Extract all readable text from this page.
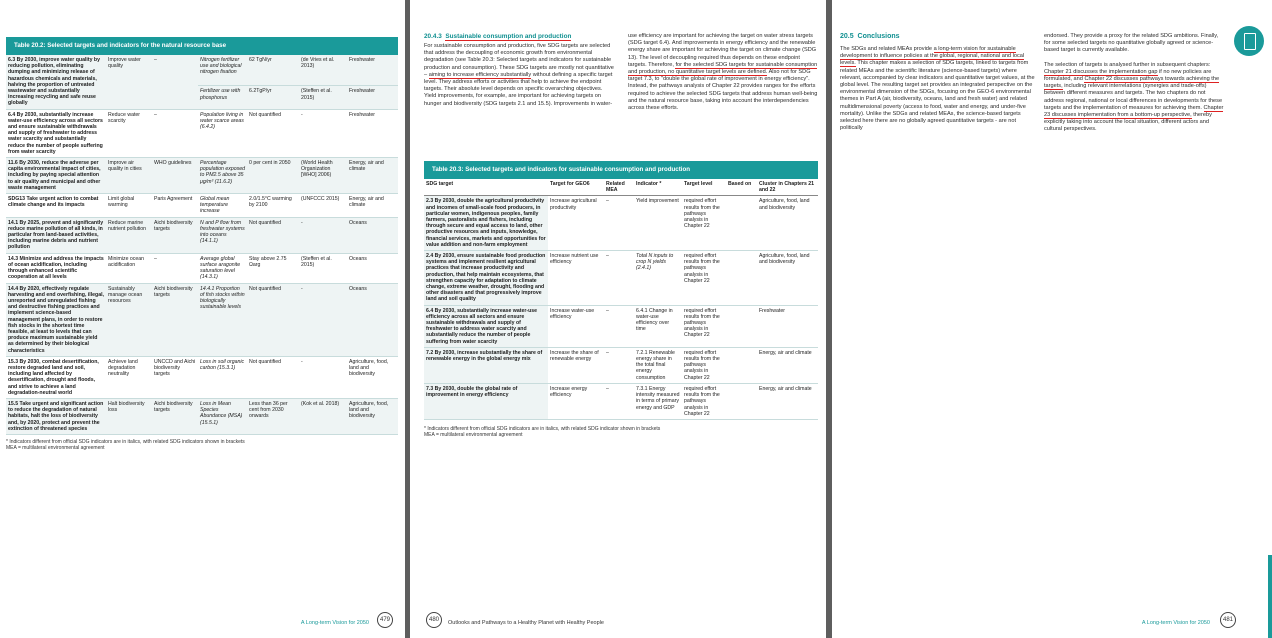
Table 20.2: Selected targets and indicators for the natural resource base
6.3 By 2030, improve water quality by reducing pollution, eliminating dumping and minimizing release of hazardous chemicals and materials, halving the proportion of untreated wastewater and substantially increasing recycling and safe reuse globally	Improve water quality	–	Nitrogen fertilizer use and biological nitrogen fixation	62 TgN/yr	(de Vries et al. 2013)	Freshwater
			Fertilizer use with phosphorus	6.2TgP/yr	(Steffen et al. 2015)	Freshwater
6.4 By 2030, substantially increase water-use efficiency across all sectors and ensure sustainable withdrawals and supply of freshwater to address water scarcity and substantially reduce the number of people suffering from water scarcity	Reduce water scarcity	–	Population living in water scarce areas (6.4.2)	Not quantified	-	Freshwater
11.6 By 2030, reduce the adverse per capita environmental impact of cities, including by paying special attention to air quality and municipal and other waste management	Improve air quality in cities	WHO guidelines	Percentage population exposed to PM2.5 above 35 μg/m³ (11.6.2)	0 per cent in 2050	(World Health Organization [WHO] 2006)	Energy, air and climate
SDG13 Take urgent action to combat climate change and its impacts	Limit global warming	Paris Agreement	Global mean temperature increase	2.0/1.5°C warming by 2100	(UNFCCC 2015)	Energy, air and climate
14.1 By 2025, prevent and significantly reduce marine pollution of all kinds, in particular from land-based activities, including marine debris and nutrient pollution	Reduce marine nutrient pollution	Aichi biodiversity targets	N and P flow from freshwater systems into oceans (14.1.1)	Not quantified	-	Oceans
14.3 Minimize and address the impacts of ocean acidification, including through enhanced scientific cooperation at all levels	Minimize ocean acidification	–	Average global surface aragonite saturation level (14.3.1)	Stay above 2.75 Ωarg	(Steffen et al. 2015)	Oceans
14.4 By 2020, effectively regulate harvesting and end overfishing, illegal, unreported and unregulated fishing and destructive fishing practices and implement science-based management plans, in order to restore fish stocks in the shortest time feasible, at least to levels that can produce maximum sustainable yield as determined by their biological characteristics	Sustainably manage ocean resources	Aichi biodiversity targets	14.4.1 Proportion of fish stocks within biologically sustainable levels	Not quantified	-	Oceans
15.3 By 2030, combat desertification, restore degraded land and soil, including land affected by desertification, drought and floods, and strive to achieve a land degradation-neutral world	Achieve land degradation neutrality	UNCCD and Aichi biodiversity targets	Loss in soil organic carbon (15.3.1)	Not quantified	-	Agriculture, food, land and biodiversity
15.5 Take urgent and significant action to reduce the degradation of natural habitats, halt the loss of biodiversity and, by 2020, protect and prevent the extinction of threatened species	Halt biodiversity loss	Aichi biodiversity targets	Loss in Mean Species Abundance (MSA) (15.5.1)	Less than 36 per cent from 2030 onwards	(Kok et al. 2018)	Agriculture, food, land and biodiversity
* Indicators different from official SDG indicators are in italics, with related SDG indicators shown in brackets
MEA = multilateral environmental agreement
A Long-term Vision for 2050	479
20.4.3 Sustainable consumption and production
For sustainable consumption and production, five SDG targets are selected that address the decoupling of economic growth from environmental degradation (see Table 20.3: Selected targets and indicators for sustainable production and consumption). These SDG targets are mostly not quantitative – aiming to increase efficiency substantially without defining a specific target level. They address efforts or activities that help to achieve the endpoint targets. Their absolute level depends on specific overarching objectives. Yield improvements, for example, are important for achieving targets on hunger and biodiversity (SDG targets 2.1 and 15.5). Improvements in water-
use efficiency are important for achieving the target on water stress targets (SDG target 6.4). And improvements in energy efficiency and the renewable energy share are important for achieving the target on climate change (SDG 13). The level of decoupling required thus depends on these endpoint targets. Therefore, for the selected SDG targets for sustainable consumption and production, no quantitative target levels are defined. Also not for SDG target 7.3, to "double the global rate of improvement in energy efficiency". Instead, the pathways analysis of Chapter 22 provides ranges for the efforts required to achieve the selected SDG targets that address human well-being and the natural resource base, taking into account the interdependencies across these efforts.
Table 20.3: Selected targets and indicators for sustainable consumption and production
SDG target	Target for GEO6	Related MEA	Indicator *	Target level	Based on	Cluster in Chapters 21 and 22
2.3 By 2030, double the agricultural productivity and incomes of small-scale food producers, in particular women, indigenous peoples, family farmers, pastoralists and fishers, including through secure and equal access to land, other productive resources and inputs, knowledge, financial services, markets and opportunities for value addition and non-farm employment	Increase agricultural productivity	–	Yield improvement	required effort results from the pathways analysis in Chapter 22		Agriculture, food, land and biodiversity
2.4 By 2030, ensure sustainable food production systems and implement resilient agricultural practices that increase productivity and production, that help maintain ecosystems, that strengthen capacity for adaptation to climate change, extreme weather, drought, flooding and other disasters and that progressively improve land and soil quality	Increase nutrient use efficiency	–	Total N inputs to crop N yields (2.4.1)	required effort results from the pathways analysis in Chapter 22		Agriculture, food, land and biodiversity
6.4 By 2030, substantially increase water-use efficiency across all sectors and ensure sustainable withdrawals and supply of freshwater to address water scarcity and substantially reduce the number of people suffering from water scarcity	Increase water-use efficiency	–	6.4.1 Change in water-use efficiency over time	required effort results from the pathways analysis in Chapter 22		Freshwater
7.2 By 2030, increase substantially the share of renewable energy in the global energy mix	Increase the share of renewable energy	–	7.2.1 Renewable energy share in the total final energy consumption	required effort results from the pathways analysis in Chapter 22		Energy, air and climate
7.3 By 2030, double the global rate of improvement in energy efficiency	Increase energy efficiency	–	7.3.1 Energy intensity measured in terms of primary energy and GDP	required effort results from the pathways analysis in Chapter 22		Energy, air and climate
* Indicators different from official SDG indicators are in italics, with related SDG indicator shown in brackets
MEA = multilateral environmental agreement
480	Outlooks and Pathways to a Healthy Planet with Healthy People
20.5 Conclusions
The SDGs and related MEAs provide a long-term vision for sustainable development to influence policies at the global, regional, national and local levels. This chapter makes a selection of SDG targets, linked to targets from related MEAs and the scientific literature (science-based targets) where relevant, accompanied by clear indicators and quantitative target values, at the global level. The resulting target set provides an integrated perspective on the environmental dimension of the SDGs, focusing on the GEO-6 environmental themes in Part A (air, biodiversity, oceans, land and fresh water) and related multidimensional poverty (access to food, water and energy, and under-five mortality). Unlike the SDGs and related MEAs, the science-based targets selected here there are no globally agreed quantitative targets - are not politically
endorsed. They provide a proxy for the related SDG ambitions. Finally, for some selected targets no quantitative globally agreed or science-based target is currently available.
The selection of targets is analysed further in subsequent chapters: Chapter 21 discusses the implementation gap if no new policies are formulated, and Chapter 22 discusses pathways towards achieving the targets, including relevant interrelations (synergies and trade-offs) between different measures and targets. The two chapters do not address regional, national or local differences in developments for these targets and the implementation of measures for achieving them. Chapter 23 discusses implementation from a bottom-up perspective, thereby explicitly taking into account the local situation, different actors and cultural perspectives.
A Long-term Vision for 2050	481
